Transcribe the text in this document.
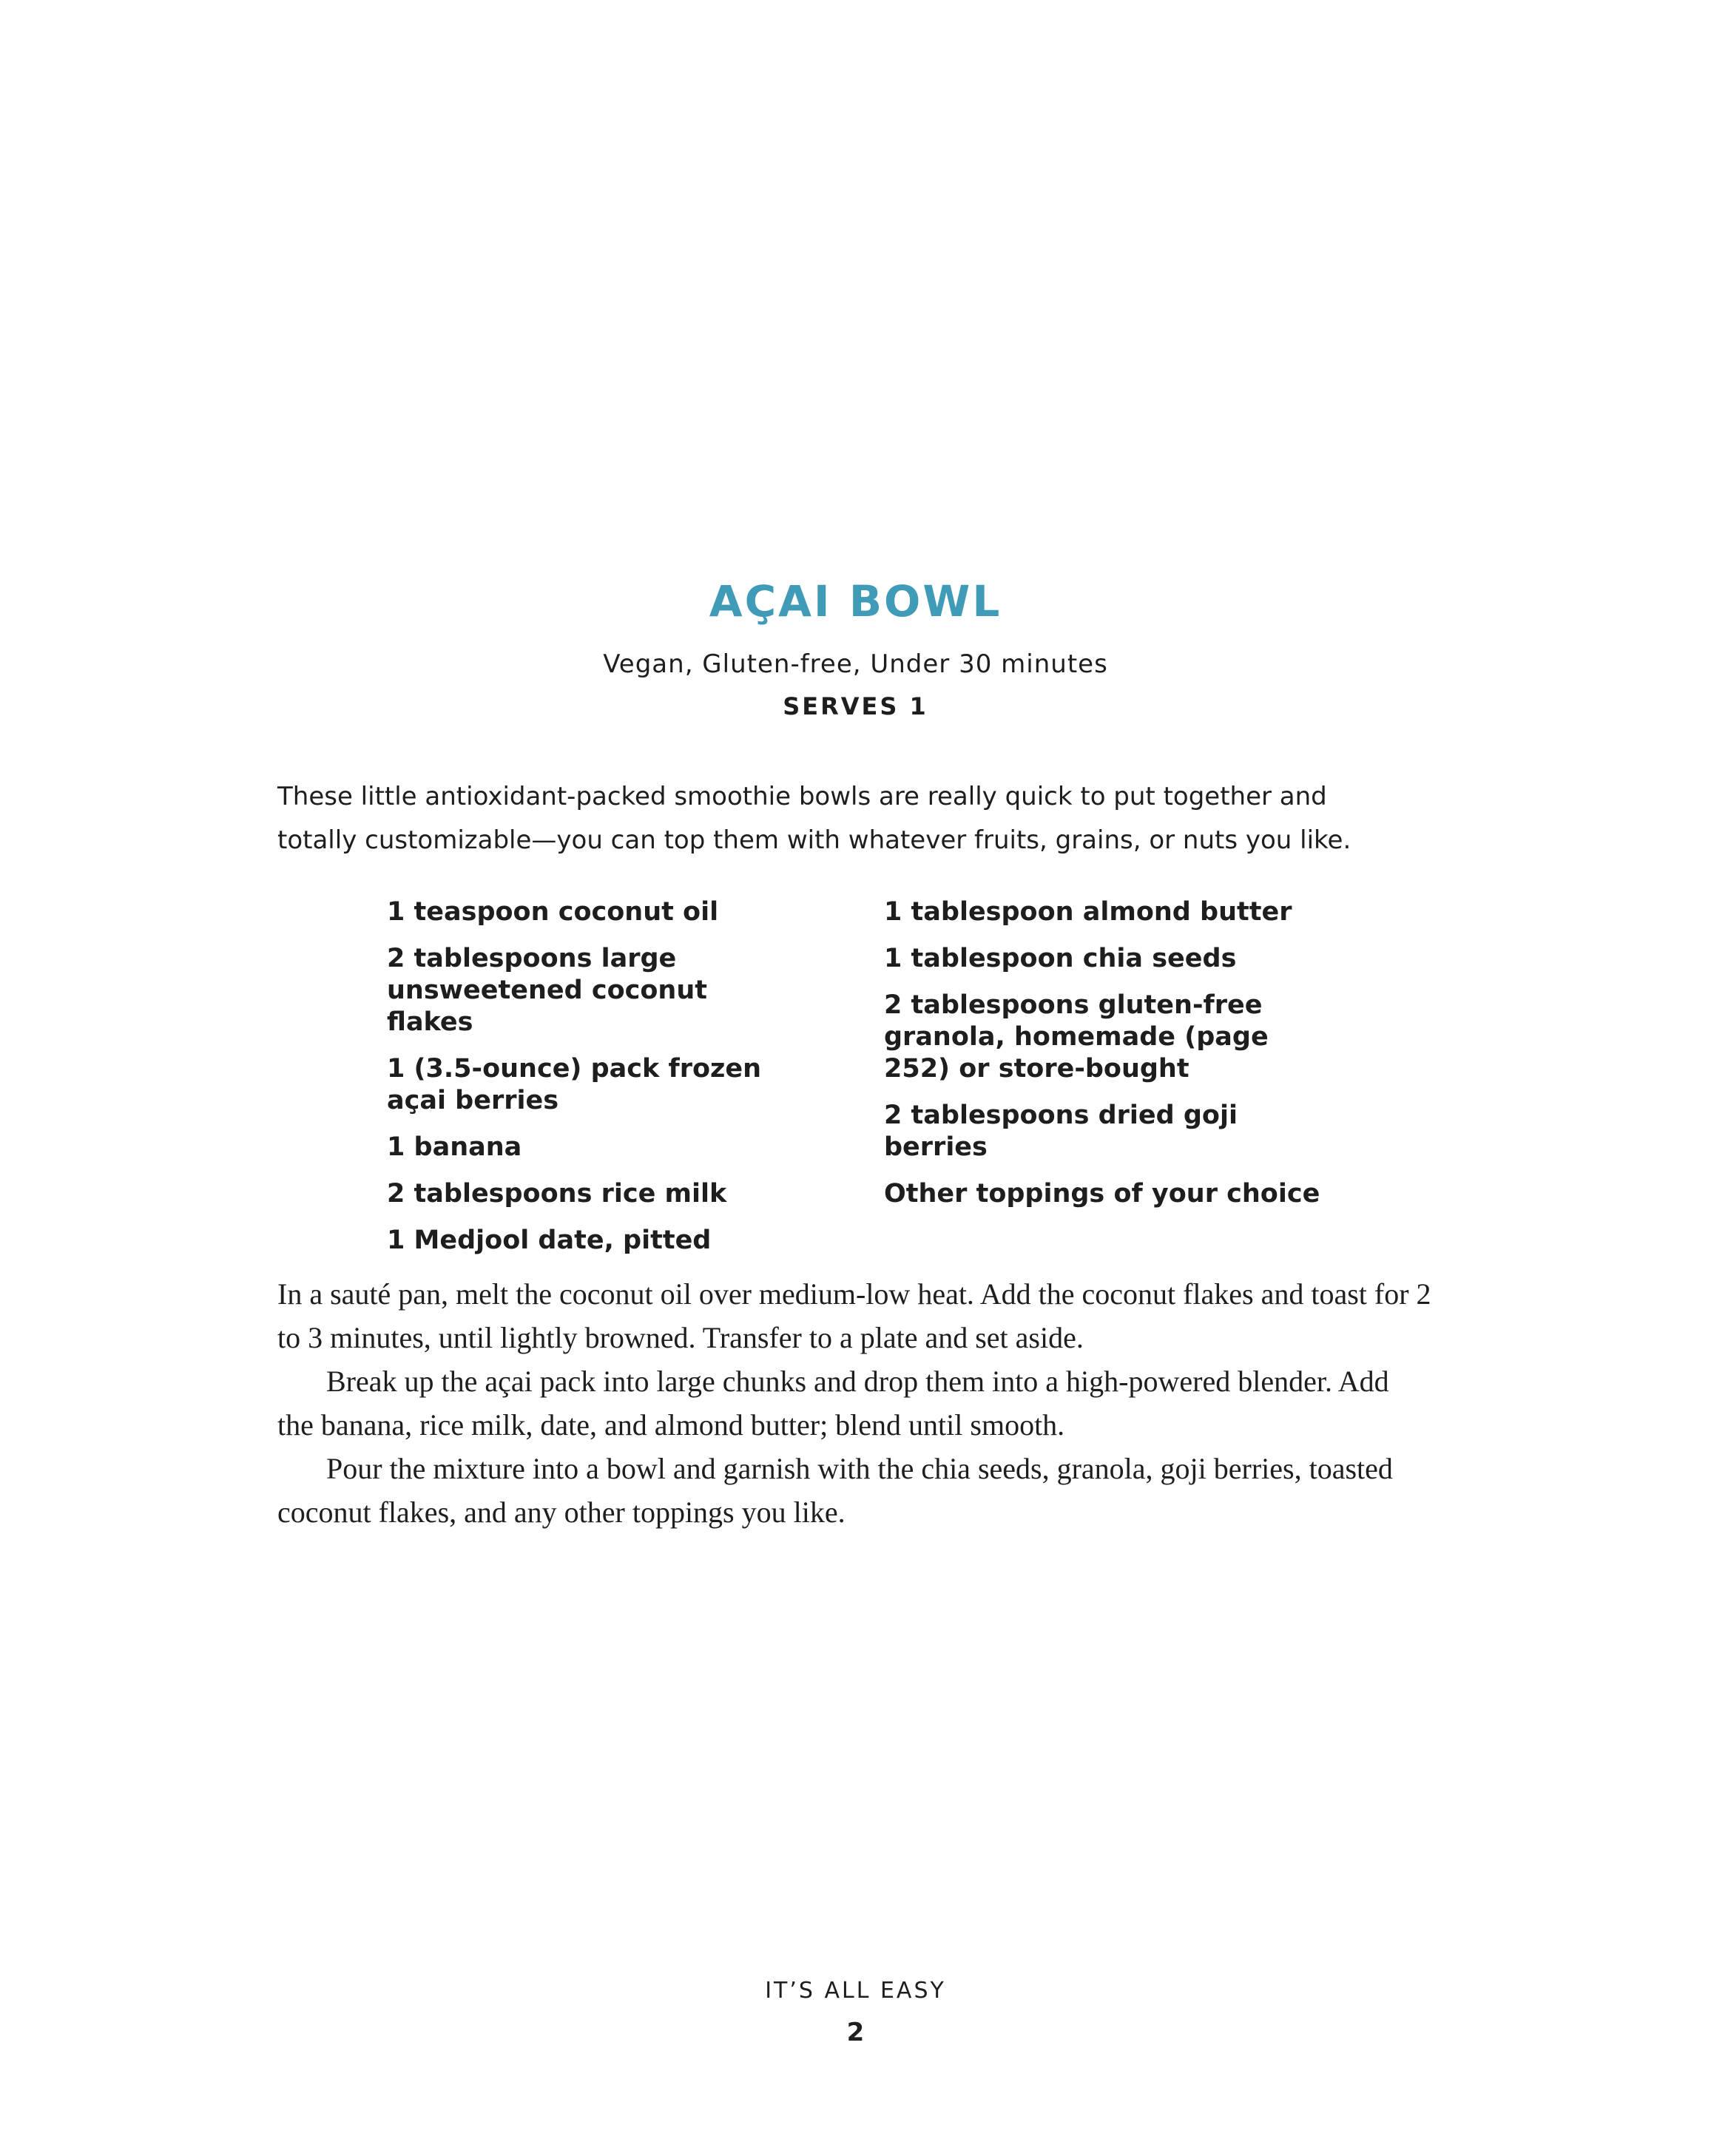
AÇAI BOWL
Vegan, Gluten-free, Under 30 minutes
SERVES 1
These little antioxidant-packed smoothie bowls are really quick to put together and totally customizable—you can top them with whatever fruits, grains, or nuts you like.
1 teaspoon coconut oil
2 tablespoons large unsweetened coconut flakes
1 (3.5-ounce) pack frozen açai berries
1 banana
2 tablespoons rice milk
1 Medjool date, pitted
1 tablespoon almond butter
1 tablespoon chia seeds
2 tablespoons gluten-free granola, homemade (page 252) or store-bought
2 tablespoons dried goji berries
Other toppings of your choice

In a sauté pan, melt the coconut oil over medium-low heat. Add the coconut flakes and toast for 2 to 3 minutes, until lightly browned. Transfer to a plate and set aside.

Break up the açai pack into large chunks and drop them into a high-powered blender. Add the banana, rice milk, date, and almond butter; blend until smooth.

Pour the mixture into a bowl and garnish with the chia seeds, granola, goji berries, toasted coconut flakes, and any other toppings you like.

IT’S ALL EASY
2
